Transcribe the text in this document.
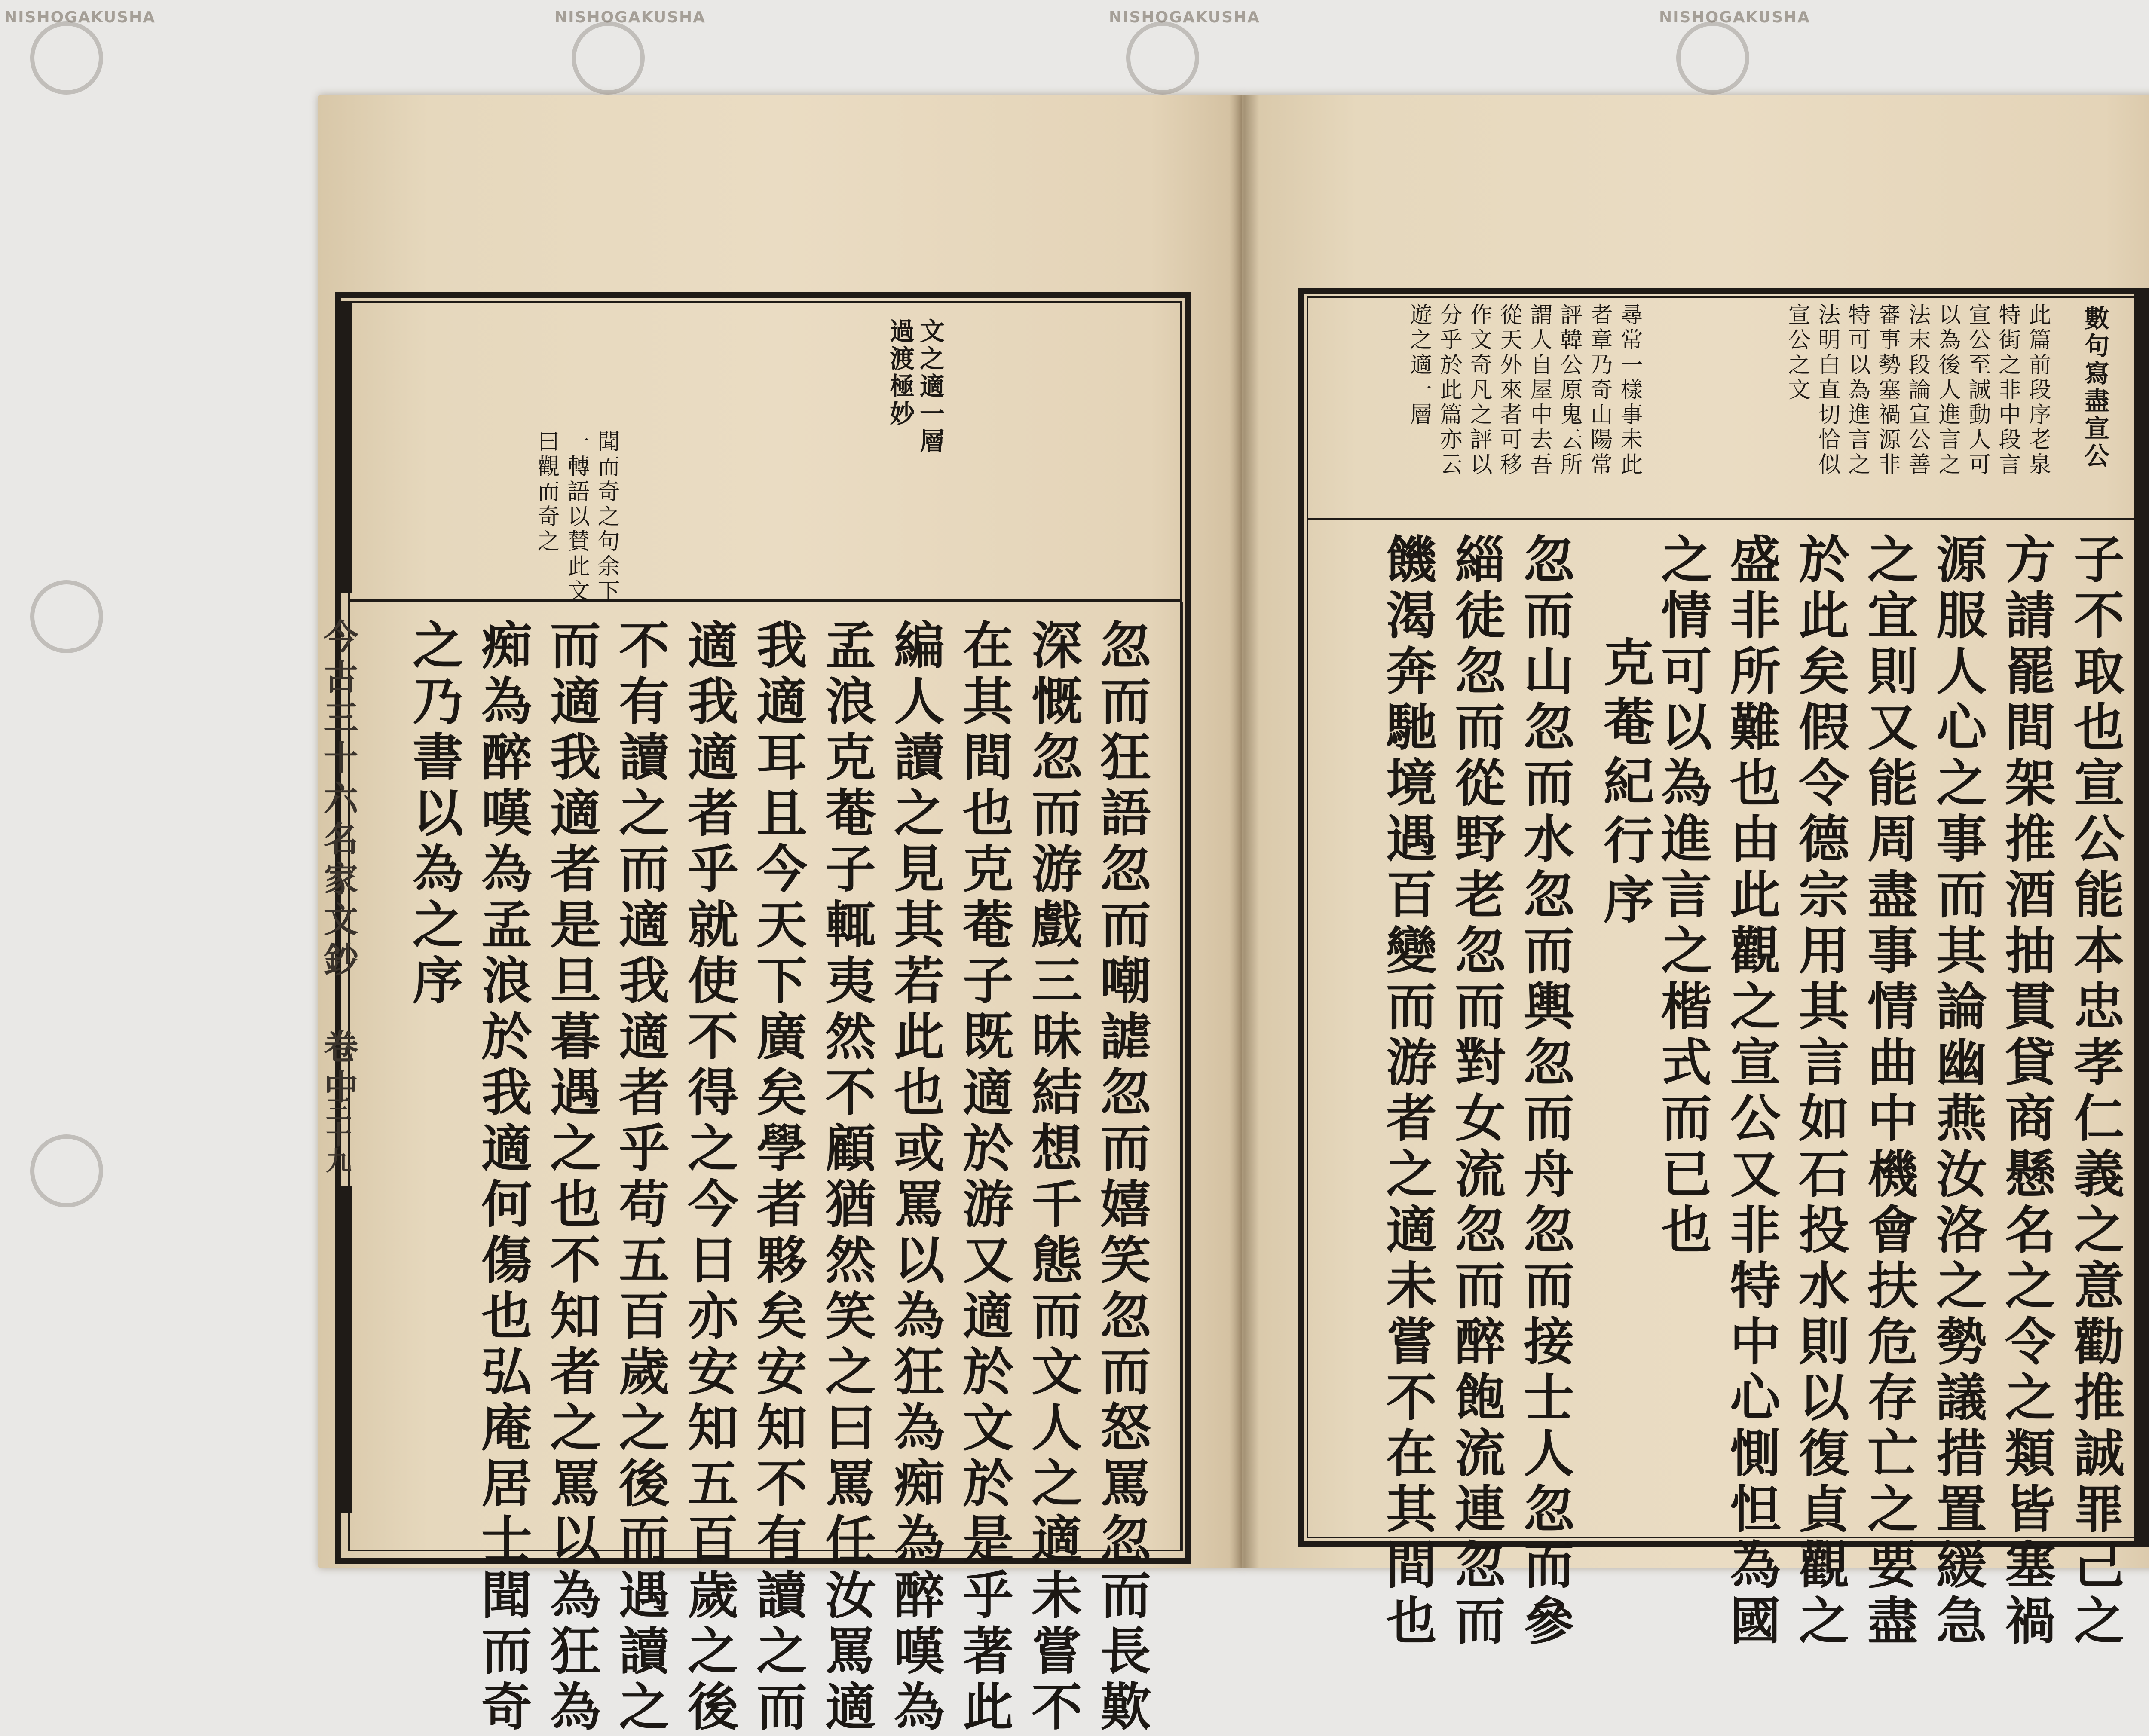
文之適一層
過渡極妙
聞而奇之句余下
一轉語以賛此文
曰觀而奇之
忽而狂語忽而嘲謔忽而嬉笑忽而怒罵忽而長歎
深慨忽而游戲三昧結想千態而文人之適未嘗不
在其間也克菴子既適於游又適於文於是乎著此
編人讀之見其若此也或罵以為狂為痴為醉嘆為
孟浪克菴子輒夷然不顧猶然笑之曰罵任汝罵適
我適耳且今天下廣矣學者夥矣安知不有讀之而
適我適者乎就使不得之今日亦安知五百歲之後
不有讀之而適我適者乎苟五百歲之後而遇讀之
而適我適者是旦暮遇之也不知者之罵以為狂為
痴為醉嘆為孟浪於我適何傷也弘庵居士聞而奇
之乃書以為之序
今古三十六名家文鈔 卷中
三十九
數句寫盡宣公
此篇前段序老泉
特街之非中段言
宣公至誠動人可
以為後人進言之
法末段論宣公善
審事勢塞禍源非
特可以為進言之
法明白直切恰似
宣公之文
尋常一樣事未此
者章乃奇山陽常
評韓公原鬼云所
謂人自屋中去吾
從天外來者可移
作文奇凡之評以
分乎於此篇亦云
遊之適一層
子不取也宣公能本忠孝仁義之意勸推誠罪己之
方請罷間架推酒抽貫貸商懸名之令之類皆塞禍
源服人心之事而其論幽燕汝洛之勢議措置緩急
之宜則又能周盡事情曲中機會扶危存亡之要盡
於此矣假令德宗用其言如石投水則以復貞觀之
盛非所難也由此觀之宣公又非特中心惻怛為國
之情可以為進言之楷式而已也
克菴紀行序
忽而山忽而水忽而輿忽而舟忽而接士人忽而參
緇徒忽而從野老忽而對女流忽而醉飽流連忽而
饑渴奔馳境遇百變而游者之適未嘗不在其間也
NISHOGAKUSHA	NISHOGAKUSHA	NISHOGAKUSHA	NISHOGAKUSHA
